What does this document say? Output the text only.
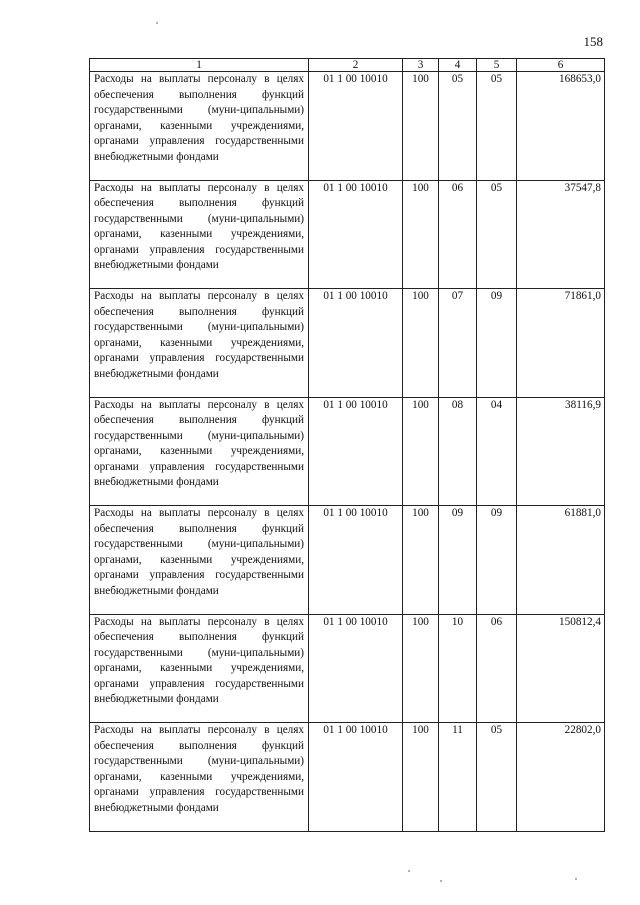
158
1	2	3	4	5	6
Расходы на выплаты персоналу в целях обеспечения выполнения функций государственными (муни-ципальными) органами, казенными учреждениями, органами управления государственными внебюджетными фондами	01 1 00 10010	100	05	05	168653,0
Расходы на выплаты персоналу в целях обеспечения выполнения функций государственными (муни-ципальными) органами, казенными учреждениями, органами управления государственными внебюджетными фондами	01 1 00 10010	100	06	05	37547,8
Расходы на выплаты персоналу в целях обеспечения выполнения функций государственными (муни-ципальными) органами, казенными учреждениями, органами управления государственными внебюджетными фондами	01 1 00 10010	100	07	09	71861,0
Расходы на выплаты персоналу в целях обеспечения выполнения функций государственными (муни-ципальными) органами, казенными учреждениями, органами управления государственными внебюджетными фондами	01 1 00 10010	100	08	04	38116,9
Расходы на выплаты персоналу в целях обеспечения выполнения функций государственными (муни-ципальными) органами, казенными учреждениями, органами управления государственными внебюджетными фондами	01 1 00 10010	100	09	09	61881,0
Расходы на выплаты персоналу в целях обеспечения выполнения функций государственными (муни-ципальными) органами, казенными учреждениями, органами управления государственными внебюджетными фондами	01 1 00 10010	100	10	06	150812,4
Расходы на выплаты персоналу в целях обеспечения выполнения функций государственными (муни-ципальными) органами, казенными учреждениями, органами управления государственными внебюджетными фондами	01 1 00 10010	100	11	05	22802,0
